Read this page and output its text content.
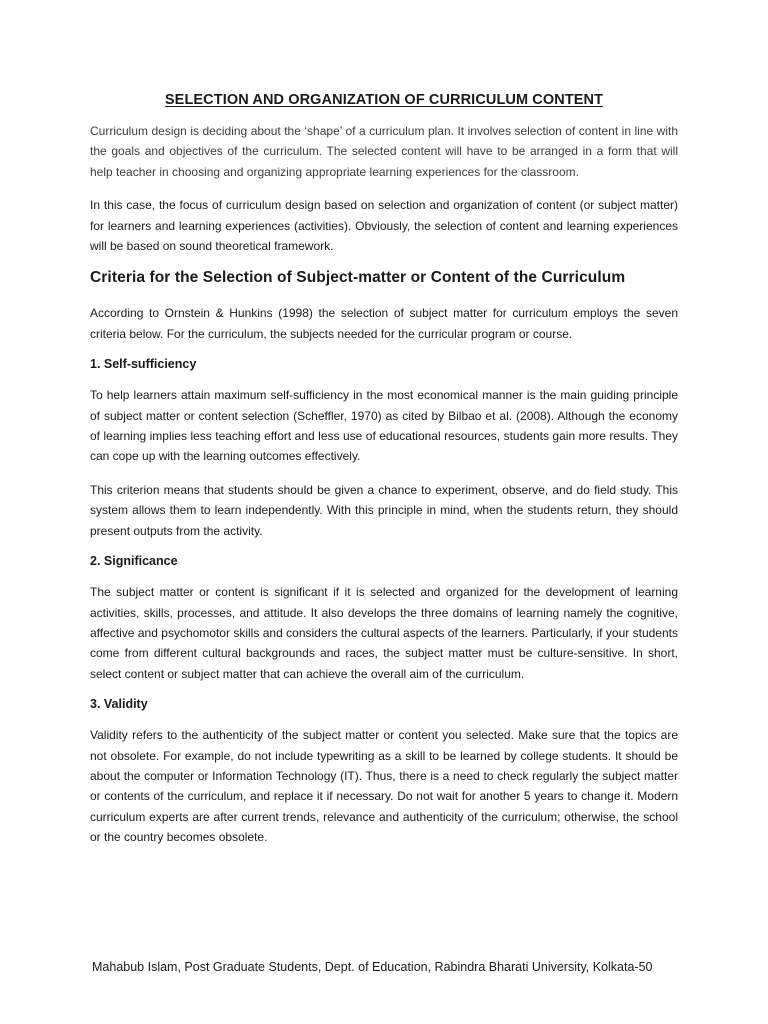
SELECTION AND ORGANIZATION OF CURRICULUM CONTENT

Curriculum design is deciding about the ‘shape’ of a curriculum plan. It involves selection of content in line with the goals and objectives of the curriculum. The selected content will have to be arranged in a form that will help teacher in choosing and organizing appropriate learning experiences for the classroom.

In this case, the focus of curriculum design based on selection and organization of content (or subject matter) for learners and learning experiences (activities). Obviously, the selection of content and learning experiences will be based on sound theoretical framework.

Criteria for the Selection of Subject-matter or Content of the Curriculum

According to Ornstein & Hunkins (1998) the selection of subject matter for curriculum employs the seven criteria below. For the curriculum, the subjects needed for the curricular program or course.

1. Self-sufficiency

To help learners attain maximum self-sufficiency in the most economical manner is the main guiding principle of subject matter or content selection (Scheffler, 1970) as cited by Bilbao et al. (2008). Although the economy of learning implies less teaching effort and less use of educational resources, students gain more results. They can cope up with the learning outcomes effectively.

This criterion means that students should be given a chance to experiment, observe, and do field study. This system allows them to learn independently. With this principle in mind, when the students return, they should present outputs from the activity.

2. Significance

The subject matter or content is significant if it is selected and organized for the development of learning activities, skills, processes, and attitude. It also develops the three domains of learning namely the cognitive, affective and psychomotor skills and considers the cultural aspects of the learners. Particularly, if your students come from different cultural backgrounds and races, the subject matter must be culture-sensitive. In short, select content or subject matter that can achieve the overall aim of the curriculum.

3. Validity

Validity refers to the authenticity of the subject matter or content you selected. Make sure that the topics are not obsolete. For example, do not include typewriting as a skill to be learned by college students. It should be about the computer or Information Technology (IT). Thus, there is a need to check regularly the subject matter or contents of the curriculum, and replace it if necessary. Do not wait for another 5 years to change it. Modern curriculum experts are after current trends, relevance and authenticity of the curriculum; otherwise, the school or the country becomes obsolete.

Mahabub Islam, Post Graduate Students, Dept. of Education, Rabindra Bharati University, Kolkata-50
